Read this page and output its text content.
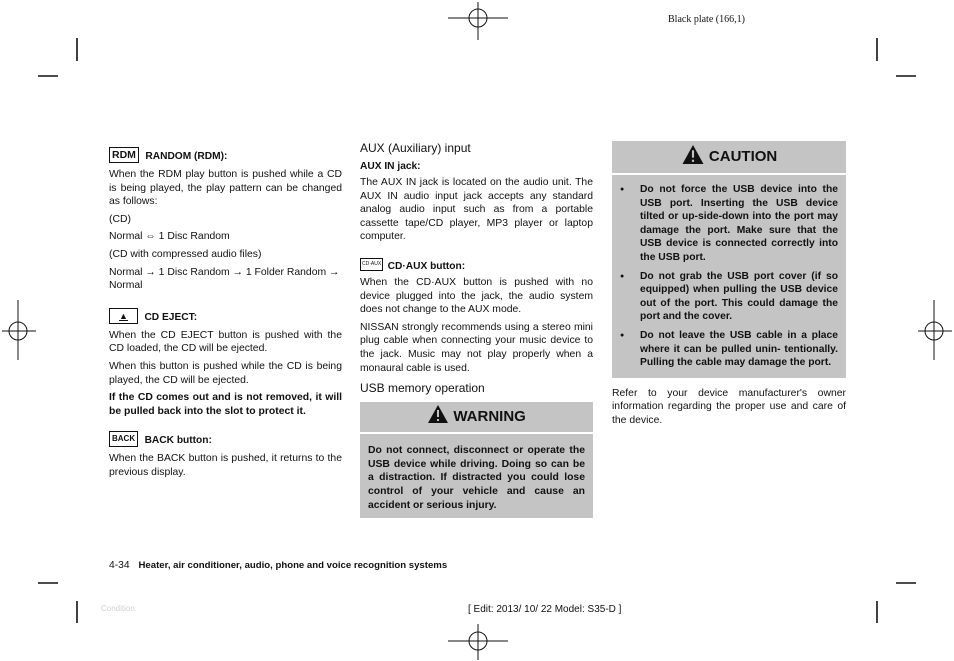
Black plate (166,1)
RDM RANDOM (RDM):

When the RDM play button is pushed while a CD is being played, the play pattern can be changed as follows:

(CD)

Normal ⇔ 1 Disc Random

(CD with compressed audio files)

Normal → 1 Disc Random → 1 Folder Random → Normal

▲ CD EJECT:

When the CD EJECT button is pushed with the CD loaded, the CD will be ejected.

When this button is pushed while the CD is being played, the CD will be ejected.

If the CD comes out and is not removed, it will be pulled back into the slot to protect it.

BACK BACK button:

When the BACK button is pushed, it returns to the previous display.

AUX (Auxiliary) input

AUX IN jack:

The AUX IN jack is located on the audio unit. The AUX IN audio input jack accepts any standard analog audio input such as from a portable cassette tape/CD player, MP3 player or laptop computer.

CD·AUX CD·AUX button:

When the CD·AUX button is pushed with no device plugged into the jack, the audio system does not change to the AUX mode.

NISSAN strongly recommends using a stereo mini plug cable when connecting your music device to the jack. Music may not play properly when a monaural cable is used.

USB memory operation

WARNING

Do not connect, disconnect or operate the USB device while driving. Doing so can be a distraction. If distracted you could lose control of your vehicle and cause an accident or serious injury.

CAUTION
● Do not force the USB device into the USB port. Inserting the USB device tilted or up-side-down into the port may damage the port. Make sure that the USB device is connected correctly into the USB port.
● Do not grab the USB port cover (if so equipped) when pulling the USB device out of the port. This could damage the port and the cover.
● Do not leave the USB cable in a place where it can be pulled unin- tentionally. Pulling the cable may damage the port.

Refer to your device manufacturer's owner information regarding the proper use and care of the device.

4-34 Heater, air conditioner, audio, phone and voice recognition systems
Condition:	[ Edit: 2013/ 10/ 22 Model: S35-D ]
